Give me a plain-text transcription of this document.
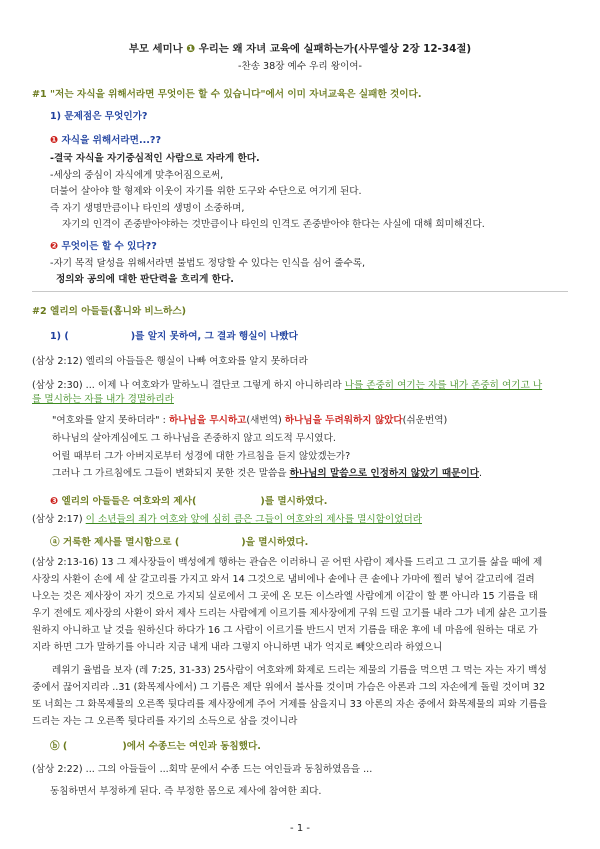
부모 세미나 ❶ 우리는 왜 자녀 교육에 실패하는가(사무엘상 2장 12-34절)
-찬송 38장 예수 우리 왕이여-
#1 "저는 자식을 위해서라면 무엇이든 할 수 있습니다"에서 이미 자녀교육은 실패한 것이다.
1) 문제점은 무엇인가?
❶ 자식을 위해서라면...??
-결국 자식을 자기중심적인 사람으로 자라게 한다.
-세상의 중심이 자식에게 맞추어짐으로써,
더불어 살아야 할 형제와 이웃이 자기를 위한 도구와 수단으로 여기게 된다.
즉 자기 생명만큼이나 타인의 생명이 소중하며,
자기의 인격이 존중받아야하는 것만큼이나 타인의 인격도 존중받아야 한다는 사실에 대해 희미해진다.
❷ 무엇이든 할 수 있다??
-자기 목적 달성을 위해서라면 불법도 정당할 수 있다는 인식을 심어 줄수록,
정의와 공의에 대한 판단력을 흐리게 한다.
#2 엘리의 아들들(홉니와 비느하스)
1) (	)를 알지 못하여, 그 결과 행실이 나빴다
(삼상 2:12) 엘리의 아들들은 행실이 나빠 여호와를 알지 못하더라
(삼상 2:30) ... 이제 나 여호와가 말하노니 결단코 그렇게 하지 아니하리라 나를 존중히 여기는 자를 내가 존중히 여기고 나
를 멸시하는 자를 내가 경멸하리라
"여호와를 알지 못하더라" : 하나님을 무시하고(새번역) 하나님을 두려워하지 않았다(쉬운번역)
하나님의 살아계심에도 그 하나님을 존중하지 않고 의도적 무시였다.
어릴 때부터 그가 아버지로부터 성경에 대한 가르침을 듣지 않았겠는가?
그러나 그 가르침에도 그들이 변화되지 못한 것은 말씀을 하나님의 말씀으로 인정하지 않았기 때문이다.
❸ 엘리의 아들들은 여호와의 제사(	)를 멸시하였다.
(삼상 2:17) 이 소년들의 죄가 여호와 앞에 심히 큼은 그들이 여호와의 제사를 멸시함이었더라
ⓐ 거룩한 제사를 멸시함으로 (	)을 멸시하였다.
(삼상 2:13-16) 13 그 제사장들이 백성에게 행하는 관습은 이러하니 곧 어떤 사람이 제사를 드리고 그 고기를 삶을 때에 제
사장의 사환이 손에 세 살 갈고리를 가지고 와서 14 그것으로 냄비에나 솥에나 큰 솥에나 가마에 찔러 넣어 갈고리에 걸려
나오는 것은 제사장이 자기 것으로 가지되 실로에서 그 곳에 온 모든 이스라엘 사람에게 이같이 할 뿐 아니라 15 기름을 태
우기 전에도 제사장의 사환이 와서 제사 드리는 사람에게 이르기를 제사장에게 구워 드릴 고기를 내라 그가 네게 삶은 고기를
원하지 아니하고 날 것을 원하신다 하다가 16 그 사람이 이르기를 반드시 먼저 기름을 태운 후에 네 마음에 원하는 대로 가
지라 하면 그가 말하기를 아니라 지금 내게 내라 그렇지 아니하면 내가 억지로 빼앗으리라 하였으니
레위기 율법을 보자 (레 7:25, 31-33) 25사람이 여호와께 화제로 드리는 제물의 기름을 먹으면 그 먹는 자는 자기 백성
중에서 끊어지리라 ..31 (화목제사에서) 그 기름은 제단 위에서 불사를 것이며 가슴은 아론과 그의 자손에게 돌릴 것이며 32
또 너희는 그 화목제물의 오른쪽 뒷다리를 제사장에게 주어 거제를 삼을지니 33 아론의 자손 중에서 화목제물의 피와 기름을
드리는 자는 그 오른쪽 뒷다리를 자기의 소득으로 삼을 것이니라
ⓑ (	)에서 수종드는 여인과 동침했다.
(삼상 2:22) ... 그의 아들들이 ...회막 문에서 수종 드는 여인들과 동침하였음을 ...
동침하면서 부정하게 된다. 즉 부정한 몸으로 제사에 참여한 죄다.
- 1 -
